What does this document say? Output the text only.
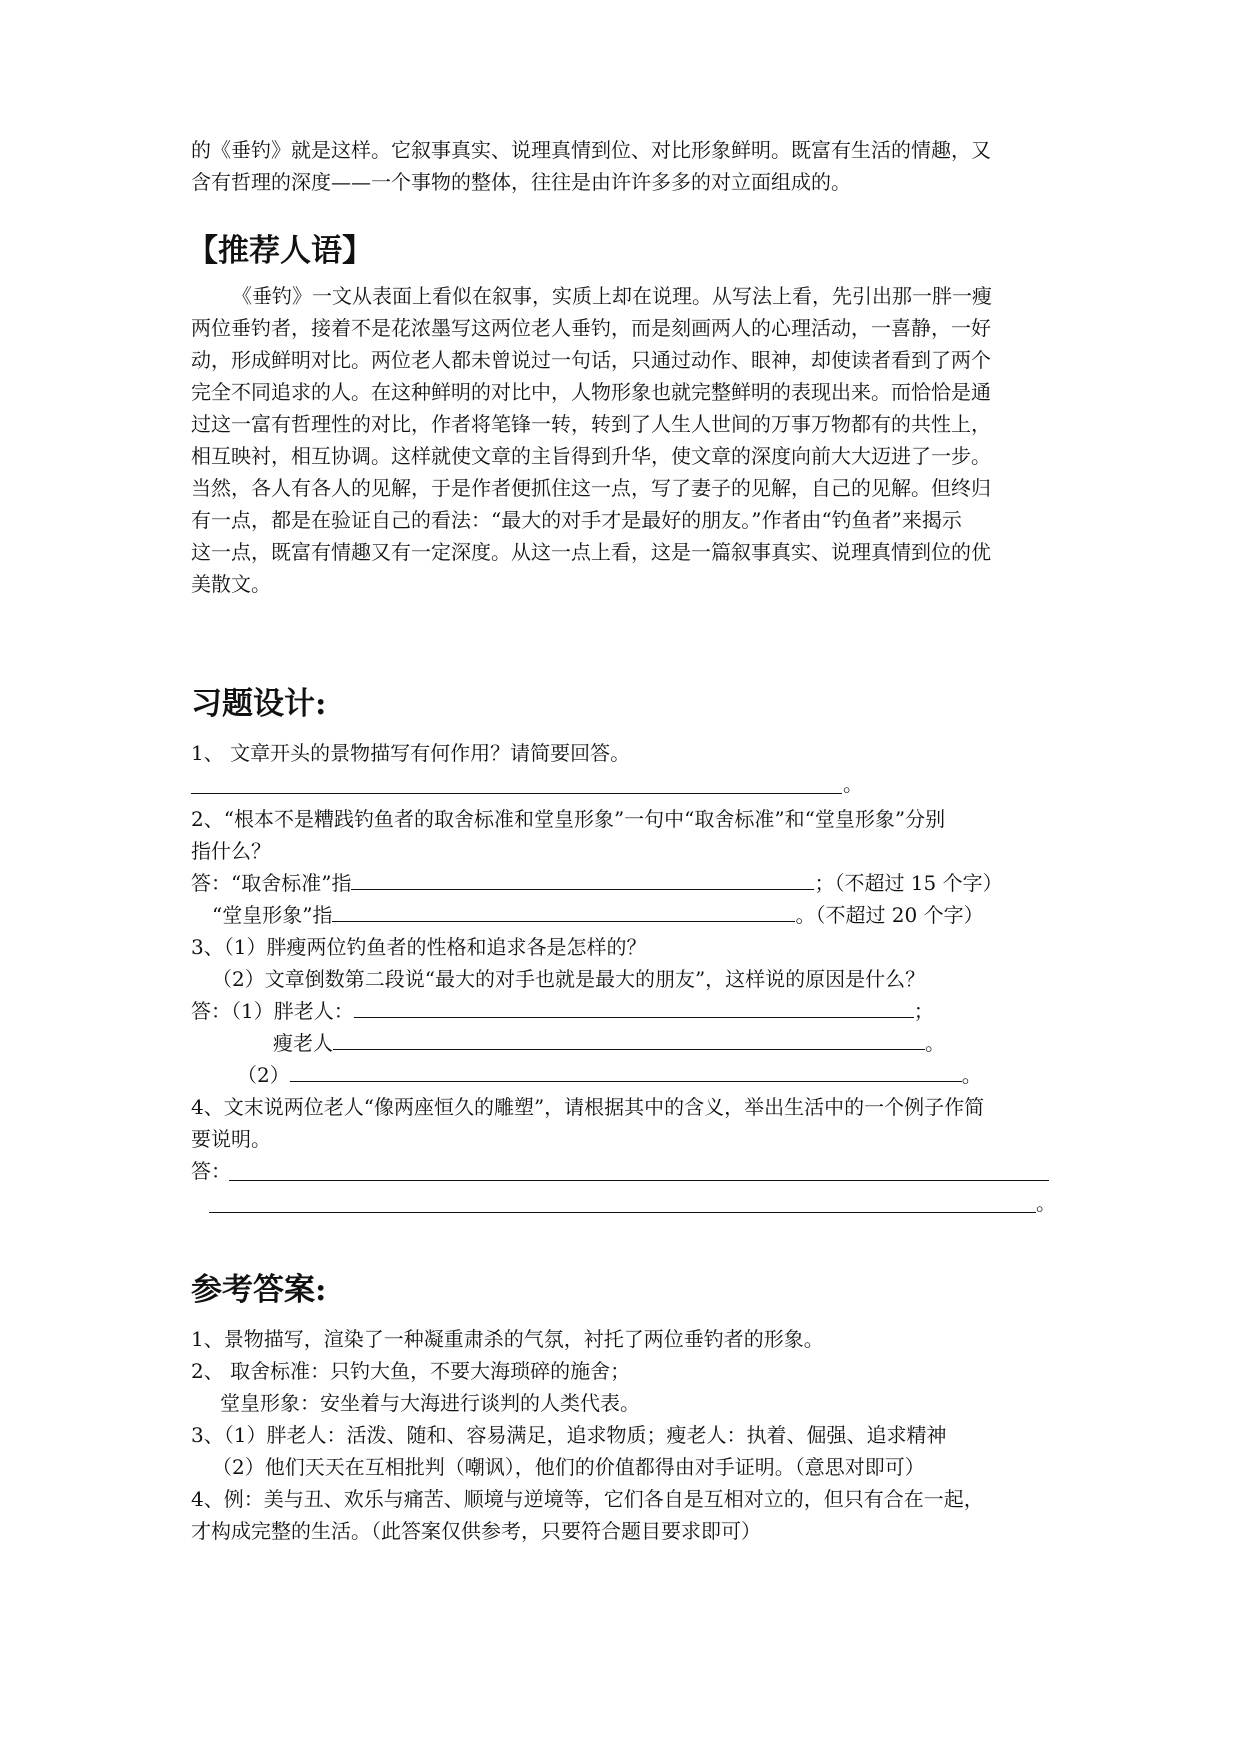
的《垂钓》就是这样。它叙事真实、说理真情到位、对比形象鲜明。既富有生活的情趣，又
含有哲理的深度——一个事物的整体，往往是由许许多多的对立面组成的。
【推荐人语】
《垂钓》一文从表面上看似在叙事，实质上却在说理。从写法上看，先引出那一胖一瘦
两位垂钓者，接着不是花浓墨写这两位老人垂钓，而是刻画两人的心理活动，一喜静，一好
动，形成鲜明对比。两位老人都未曾说过一句话，只通过动作、眼神，却使读者看到了两个
完全不同追求的人。在这种鲜明的对比中，人物形象也就完整鲜明的表现出来。而恰恰是通
过这一富有哲理性的对比，作者将笔锋一转，转到了人生人世间的万事万物都有的共性上，
相互映衬，相互协调。这样就使文章的主旨得到升华，使文章的深度向前大大迈进了一步。
当然，各人有各人的见解，于是作者便抓住这一点，写了妻子的见解，自己的见解。但终归
有一点，都是在验证自己的看法：“最大的对手才是最好的朋友。”作者由“钓鱼者”来揭示
这一点，既富有情趣又有一定深度。从这一点上看，这是一篇叙事真实、说理真情到位的优
美散文。
习题设计:
1、 文章开头的景物描写有何作用？请简要回答。
。
2、“根本不是糟践钓鱼者的取舍标准和堂皇形象”一句中“取舍标准”和“堂皇形象”分别
指什么？
答：“取舍标准”指	；（不超过 15 个字）
“堂皇形象”指	。（不超过 20 个字）
3、（1）胖瘦两位钓鱼者的性格和追求各是怎样的？
（2）文章倒数第二段说“最大的对手也就是最大的朋友”，这样说的原因是什么？
答：（1）胖老人：	；
瘦老人	。
（2）	。
4、文末说两位老人“像两座恒久的雕塑”，请根据其中的含义，举出生活中的一个例子作简
要说明。
答：
。
参考答案:
1、景物描写，渲染了一种凝重肃杀的气氛，衬托了两位垂钓者的形象。
2、 取舍标准：只钓大鱼，不要大海琐碎的施舍；
堂皇形象：安坐着与大海进行谈判的人类代表。
3、（1）胖老人：活泼、随和、容易满足，追求物质；瘦老人：执着、倔强、追求精神
（2）他们天天在互相批判（嘲讽），他们的价值都得由对手证明。（意思对即可）
4、例：美与丑、欢乐与痛苦、顺境与逆境等，它们各自是互相对立的，但只有合在一起，
才构成完整的生活。（此答案仅供参考，只要符合题目要求即可）
